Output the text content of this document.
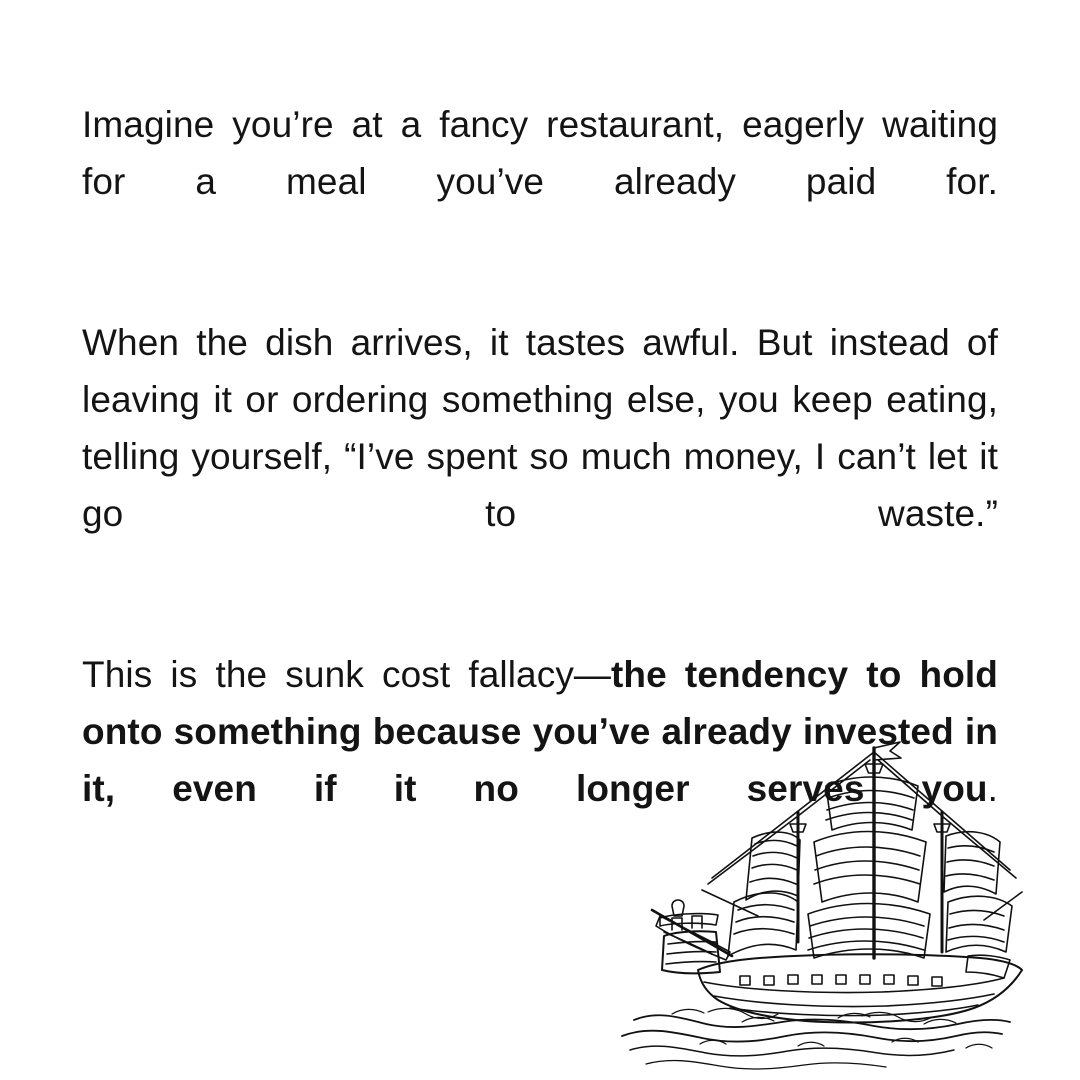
Imagine you’re at a fancy restaurant, eagerly waiting for a meal you’ve already paid for.

When the dish arrives, it tastes awful. But instead of leaving it or ordering something else, you keep eating, telling yourself, “I’ve spent so much money, I can’t let it go to waste.”

This is the sunk cost fallacy—the tendency to hold onto something because you’ve already invested in it, even if it no longer serves you.
